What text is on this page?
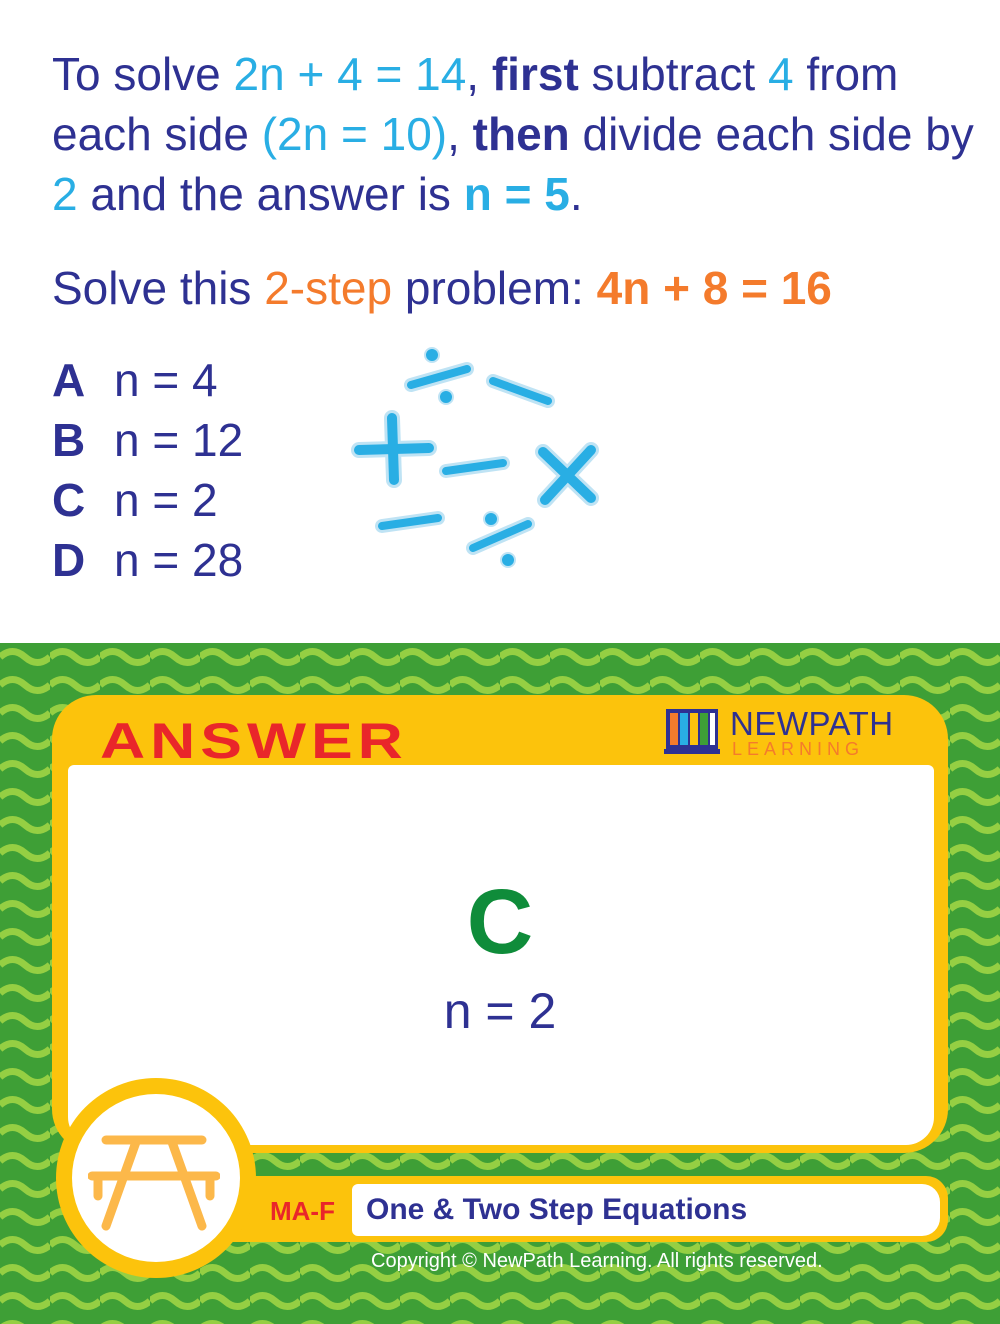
To solve 2n + 4 = 14, first subtract 4 from each side (2n = 10), then divide each side by 2 and the answer is n = 5.
Solve this 2-step problem: 4n + 8 = 16
A n = 4
B n = 12
C n = 2
D n = 28
ANSWER	NEWPATH
LEARNING
C
n = 2
MA-F One & Two Step Equations
Copyright © NewPath Learning. All rights reserved.
